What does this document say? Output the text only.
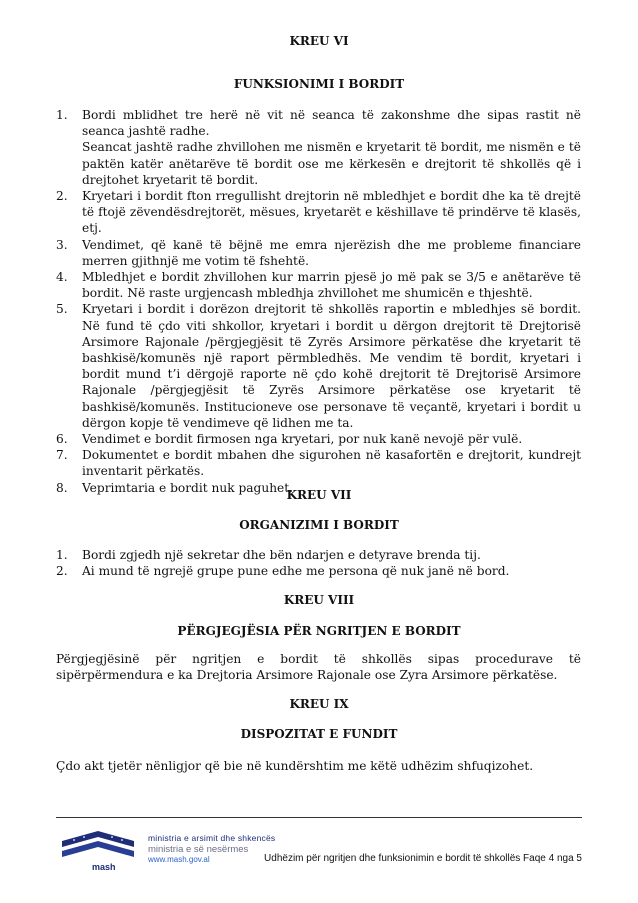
KREU VI
FUNKSIONIMI I BORDIT
1. Bordi mblidhet tre herë në vit në seanca të zakonshme dhe sipas rastit në seanca jashtë radhe.
Seancat jashtë radhe zhvillohen me nismën e kryetarit të bordit, me nismën e të paktën katër anëtarëve të bordit ose me kërkesën e drejtorit të shkollës që i drejtohet kryetarit të bordit.
2. Kryetari i bordit fton rregullisht drejtorin në mbledhjet e bordit dhe ka të drejtë të ftojë zëvendësdrejtorët, mësues, kryetarët e këshillave të prindërve të klasës, etj.
3. Vendimet, që kanë të bëjnë me emra njerëzish dhe me probleme financiare merren gjithnjë me votim të fshehtë.
4. Mbledhjet e bordit zhvillohen kur marrin pjesë jo më pak se 3/5 e anëtarëve të bordit. Në raste urgjencash mbledhja zhvillohet me shumicën e thjeshtë.
5. Kryetari i bordit i dorëzon drejtorit të shkollës raportin e mbledhjes së bordit. Në fund të çdo viti shkollor, kryetari i bordit u dërgon drejtorit të Drejtorisë Arsimore Rajonale /përgjegjësit të Zyrës Arsimore përkatëse dhe kryetarit të bashkisë/komunës një raport përmbledhës. Me vendim të bordit, kryetari i bordit mund t’i dërgojë raporte në çdo kohë drejtorit të Drejtorisë Arsimore Rajonale /përgjegjësit të Zyrës Arsimore përkatëse ose kryetarit të bashkisë/komunës. Institucioneve ose personave të veçantë, kryetari i bordit u dërgon kopje të vendimeve që lidhen me ta.
6. Vendimet e bordit firmosen nga kryetari, por nuk kanë nevojë për vulë.
7. Dokumentet e bordit mbahen dhe sigurohen në kasafortën e drejtorit, kundrejt inventarit përkatës.
8. Veprimtaria e bordit nuk paguhet.
KREU VII
ORGANIZIMI I BORDIT
1. Bordi zgjedh një sekretar dhe bën ndarjen e detyrave brenda tij.
2. Ai mund të ngrejë grupe pune edhe me persona që nuk janë në bord.
KREU VIII
PËRGJEGJËSIA PËR NGRITJEN E BORDIT

Përgjegjësinë për ngritjen e bordit të shkollës sipas procedurave të sipërpërmendura e ka Drejtoria Arsimore Rajonale ose Zyra Arsimore përkatëse.

KREU IX
DISPOZITAT E FUNDIT

Çdo akt tjetër nënligjor që bie në kundërshtim me këtë udhëzim shfuqizohet.

mash
ministria e arsimit dhe shkencës
ministria e së nesërmes
www.mash.gov.al	Udhëzim për ngritjen dhe funksionimin e bordit të shkollës Faqe 4 nga 5
